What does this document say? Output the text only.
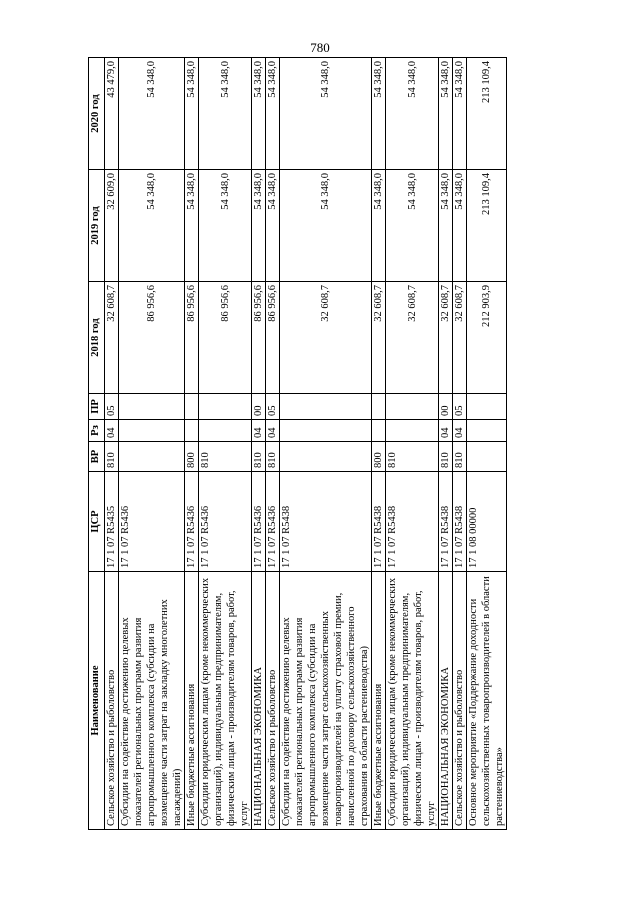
780
Наименование	ЦСР	ВР	Рз	ПР	2018 год	2019 год	2020 год
Сельское хозяйство и рыболовство	17 1 07 R5435	810	04	05	32 608,7	32 609,0	43 479,0
Субсидии на содействие достижению целевых показателей региональных программ развития агропромышленного комплекса (субсидии на возмещение части затрат на закладку многолетних насаждений)	17 1 07 R5436				86 956,6	54 348,0	54 348,0
Иные бюджетные ассигнования	17 1 07 R5436	800			86 956,6	54 348,0	54 348,0
Субсидии юридическим лицам (кроме некоммерческих организаций), индивидуальным предпринимателям, физическим лицам - производителям товаров, работ, услуг	17 1 07 R5436	810			86 956,6	54 348,0	54 348,0
НАЦИОНАЛЬНАЯ ЭКОНОМИКА	17 1 07 R5436	810	04	00	86 956,6	54 348,0	54 348,0
Сельское хозяйство и рыболовство	17 1 07 R5436	810	04	05	86 956,6	54 348,0	54 348,0
Субсидии на содействие достижению целевых показателей региональных программ развития агропромышленного комплекса (субсидии на возмещение части затрат сельскохозяйственных товаропроизводителей на уплату страховой премии, начисленной по договору сельскохозяйственного страхования в области растениеводства)	17 1 07 R5438				32 608,7	54 348,0	54 348,0
Иные бюджетные ассигнования	17 1 07 R5438	800			32 608,7	54 348,0	54 348,0
Субсидии юридическим лицам (кроме некоммерческих организаций), индивидуальным предпринимателям, физическим лицам - производителям товаров, работ, услуг	17 1 07 R5438	810			32 608,7	54 348,0	54 348,0
НАЦИОНАЛЬНАЯ ЭКОНОМИКА	17 1 07 R5438	810	04	00	32 608,7	54 348,0	54 348,0
Сельское хозяйство и рыболовство	17 1 07 R5438	810	04	05	32 608,7	54 348,0	54 348,0
Основное мероприятие «Поддержание доходности сельскохозяйственных товаропроизводителей в области растениеводства»	17 1 08 00000				212 903,9	213 109,4	213 109,4
